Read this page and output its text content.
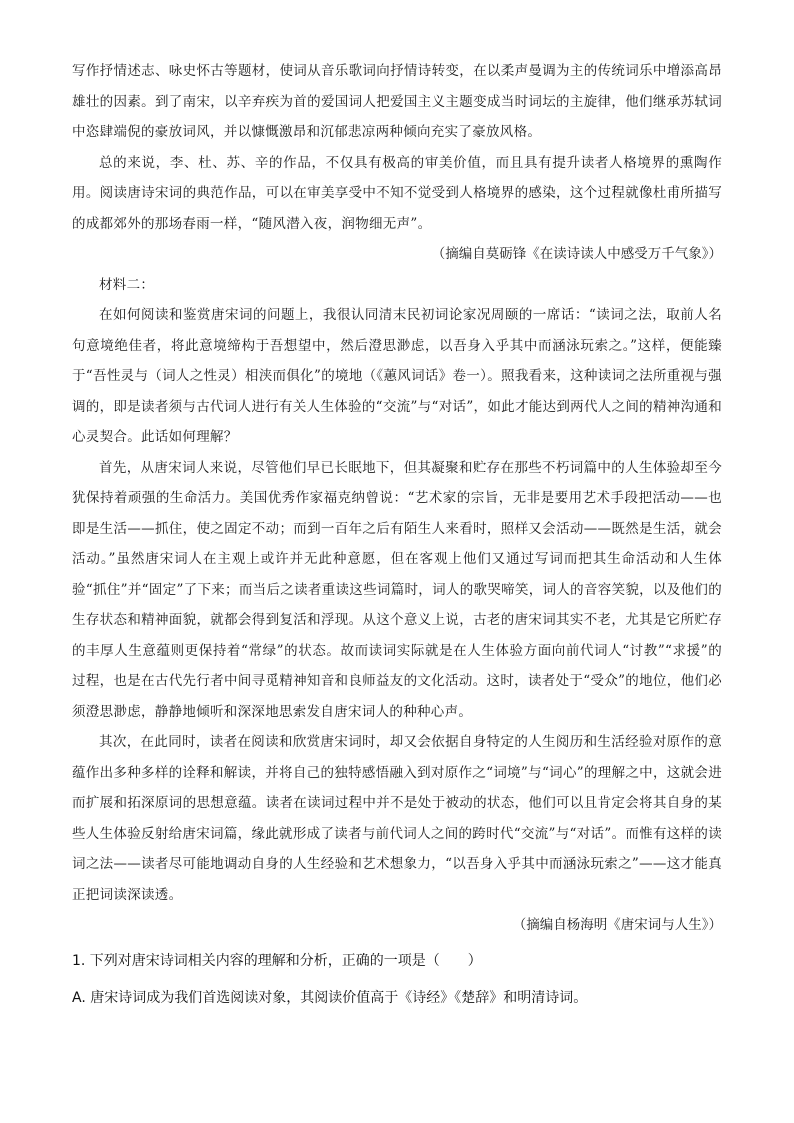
写作抒情述志、咏史怀古等题材，使词从音乐歌词向抒情诗转变，在以柔声曼调为主的传统词乐中增添高昂雄壮的因素。到了南宋，以辛弃疾为首的爱国词人把爱国主义主题变成当时词坛的主旋律，他们继承苏轼词中恣肆端倪的豪放词风，并以慷慨激昂和沉郁悲凉两种倾向充实了豪放风格。

总的来说，李、杜、苏、辛的作品，不仅具有极高的审美价值，而且具有提升读者人格境界的熏陶作用。阅读唐诗宋词的典范作品，可以在审美享受中不知不觉受到人格境界的感染，这个过程就像杜甫所描写的成都郊外的那场春雨一样，“随风潜入夜，润物细无声”。

（摘编自莫砺锋《在读诗读人中感受万千气象》）

材料二：

在如何阅读和鉴赏唐宋词的问题上，我很认同清末民初词论家况周颐的一席话：“读词之法，取前人名句意境绝佳者，将此意境缔构于吾想望中，然后澄思渺虑，以吾身入乎其中而涵泳玩索之。”这样，便能臻于“吾性灵与（词人之性灵）相浃而俱化”的境地（《蕙风词话》卷一）。照我看来，这种读词之法所重视与强调的，即是读者须与古代词人进行有关人生体验的“交流”与“对话”，如此才能达到两代人之间的精神沟通和心灵契合。此话如何理解？

首先，从唐宋词人来说，尽管他们早已长眠地下，但其凝聚和贮存在那些不朽词篇中的人生体验却至今犹保持着顽强的生命活力。美国优秀作家福克纳曾说：“艺术家的宗旨，无非是要用艺术手段把活动——也即是生活——抓住，使之固定不动；而到一百年之后有陌生人来看时，照样又会活动——既然是生活，就会活动。”虽然唐宋词人在主观上或许并无此种意愿，但在客观上他们又通过写词而把其生命活动和人生体验“抓住”并“固定”了下来；而当后之读者重读这些词篇时，词人的歌哭啼笑，词人的音容笑貌，以及他们的生存状态和精神面貌，就都会得到复活和浮现。从这个意义上说，古老的唐宋词其实不老，尤其是它所贮存的丰厚人生意蕴则更保持着“常绿”的状态。故而读词实际就是在人生体验方面向前代词人“讨教”“求援”的过程，也是在古代先行者中间寻觅精神知音和良师益友的文化活动。这时，读者处于“受众”的地位，他们必须澄思渺虑，静静地倾听和深深地思索发自唐宋词人的种种心声。

其次，在此同时，读者在阅读和欣赏唐宋词时，却又会依据自身特定的人生阅历和生活经验对原作的意蕴作出多种多样的诠释和解读，并将自己的独特感悟融入到对原作之“词境”与“词心”的理解之中，这就会进而扩展和拓深原词的思想意蕴。读者在读词过程中并不是处于被动的状态，他们可以且肯定会将其自身的某些人生体验反射给唐宋词篇，缘此就形成了读者与前代词人之间的跨时代“交流”与“对话”。而惟有这样的读词之法——读者尽可能地调动自身的人生经验和艺术想象力，“以吾身入乎其中而涵泳玩索之”——这才能真正把词读深读透。

（摘编自杨海明《唐宋词与人生》）

1. 下列对唐宋诗词相关内容的理解和分析，正确的一项是（　　）

A. 唐宋诗词成为我们首选阅读对象，其阅读价值高于《诗经》《楚辞》和明清诗词。
